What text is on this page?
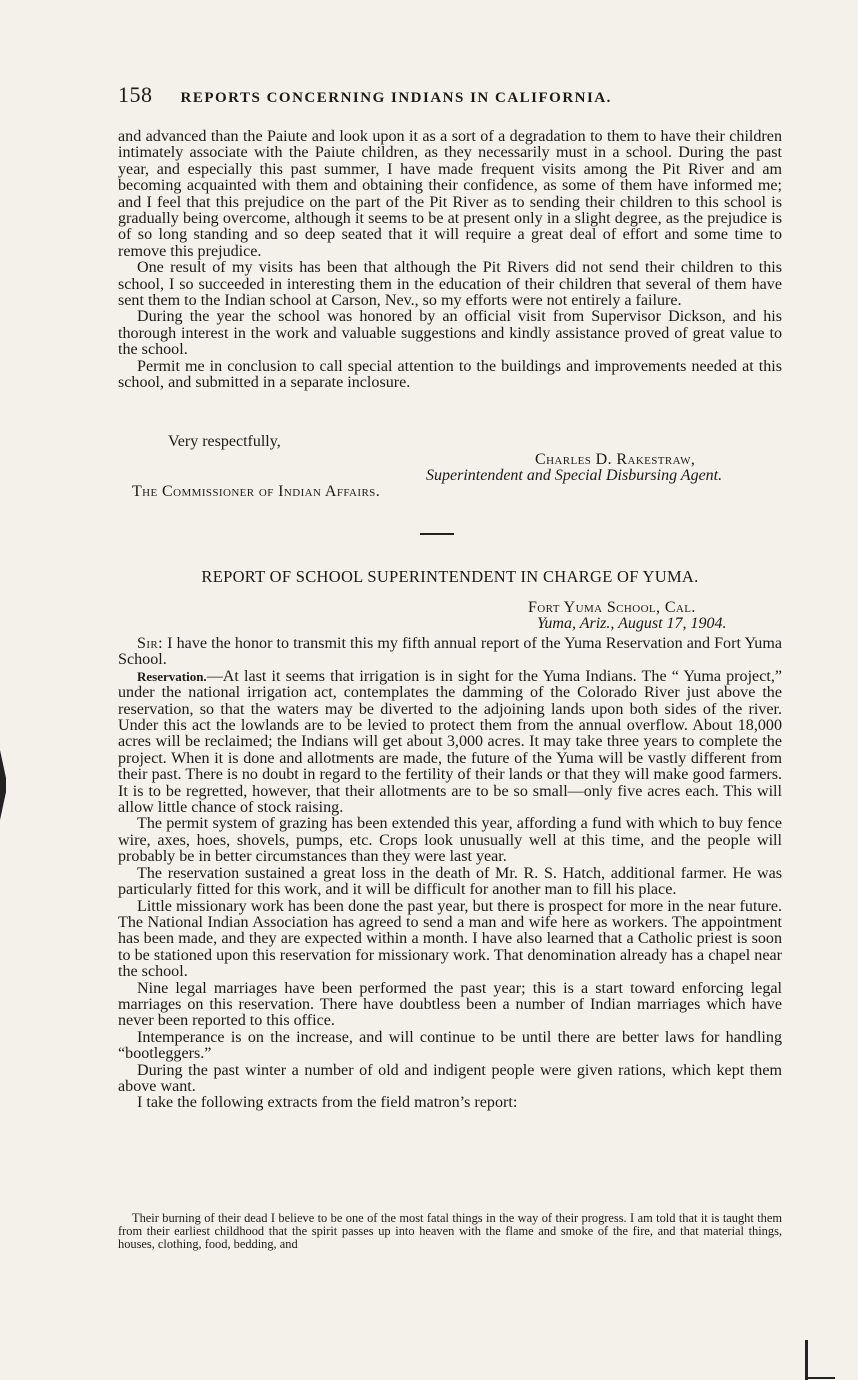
158 REPORTS CONCERNING INDIANS IN CALIFORNIA.

and advanced than the Paiute and look upon it as a sort of a degradation to them to have their children intimately associate with the Paiute children, as they necessarily must in a school. During the past year, and especially this past summer, I have made frequent visits among the Pit River and am becoming acquainted with them and obtaining their confidence, as some of them have informed me; and I feel that this prejudice on the part of the Pit River as to sending their children to this school is gradually being overcome, although it seems to be at present only in a slight degree, as the prejudice is of so long standing and so deep seated that it will require a great deal of effort and some time to remove this prejudice.

One result of my visits has been that although the Pit Rivers did not send their children to this school, I so succeeded in interesting them in the education of their children that several of them have sent them to the Indian school at Carson, Nev., so my efforts were not entirely a failure.

During the year the school was honored by an official visit from Supervisor Dickson, and his thorough interest in the work and valuable suggestions and kindly assistance proved of great value to the school.

Permit me in conclusion to call special attention to the buildings and improvements needed at this school, and submitted in a separate inclosure.

Very respectfully,
Charles D. Rakestraw,
Superintendent and Special Disbursing Agent.
The Commissioner of Indian Affairs.
REPORT OF SCHOOL SUPERINTENDENT IN CHARGE OF YUMA.
Fort Yuma School, Cal.
Yuma, Ariz., August 17, 1904.

Sir: I have the honor to transmit this my fifth annual report of the Yuma Reservation and Fort Yuma School.

Reservation.—At last it seems that irrigation is in sight for the Yuma Indians. The “ Yuma project,” under the national irrigation act, contemplates the damming of the Colorado River just above the reservation, so that the waters may be diverted to the adjoining lands upon both sides of the river. Under this act the lowlands are to be levied to protect them from the annual overflow. About 18,000 acres will be reclaimed; the Indians will get about 3,000 acres. It may take three years to complete the project. When it is done and allotments are made, the future of the Yuma will be vastly different from their past. There is no doubt in regard to the fertility of their lands or that they will make good farmers. It is to be regretted, however, that their allotments are to be so small—only five acres each. This will allow little chance of stock raising.

The permit system of grazing has been extended this year, affording a fund with which to buy fence wire, axes, hoes, shovels, pumps, etc. Crops look unusually well at this time, and the people will probably be in better circumstances than they were last year.

The reservation sustained a great loss in the death of Mr. R. S. Hatch, additional farmer. He was particularly fitted for this work, and it will be difficult for another man to fill his place.

Little missionary work has been done the past year, but there is prospect for more in the near future. The National Indian Association has agreed to send a man and wife here as workers. The appointment has been made, and they are expected within a month. I have also learned that a Catholic priest is soon to be stationed upon this reservation for missionary work. That denomination already has a chapel near the school.

Nine legal marriages have been performed the past year; this is a start toward enforcing legal marriages on this reservation. There have doubtless been a number of Indian marriages which have never been reported to this office.

Intemperance is on the increase, and will continue to be until there are better laws for handling “bootleggers.”

During the past winter a number of old and indigent people were given rations, which kept them above want.

I take the following extracts from the field matron’s report:

Their burning of their dead I believe to be one of the most fatal things in the way of their progress. I am told that it is taught them from their earliest childhood that the spirit passes up into heaven with the flame and smoke of the fire, and that material things, houses, clothing, food, bedding, and
